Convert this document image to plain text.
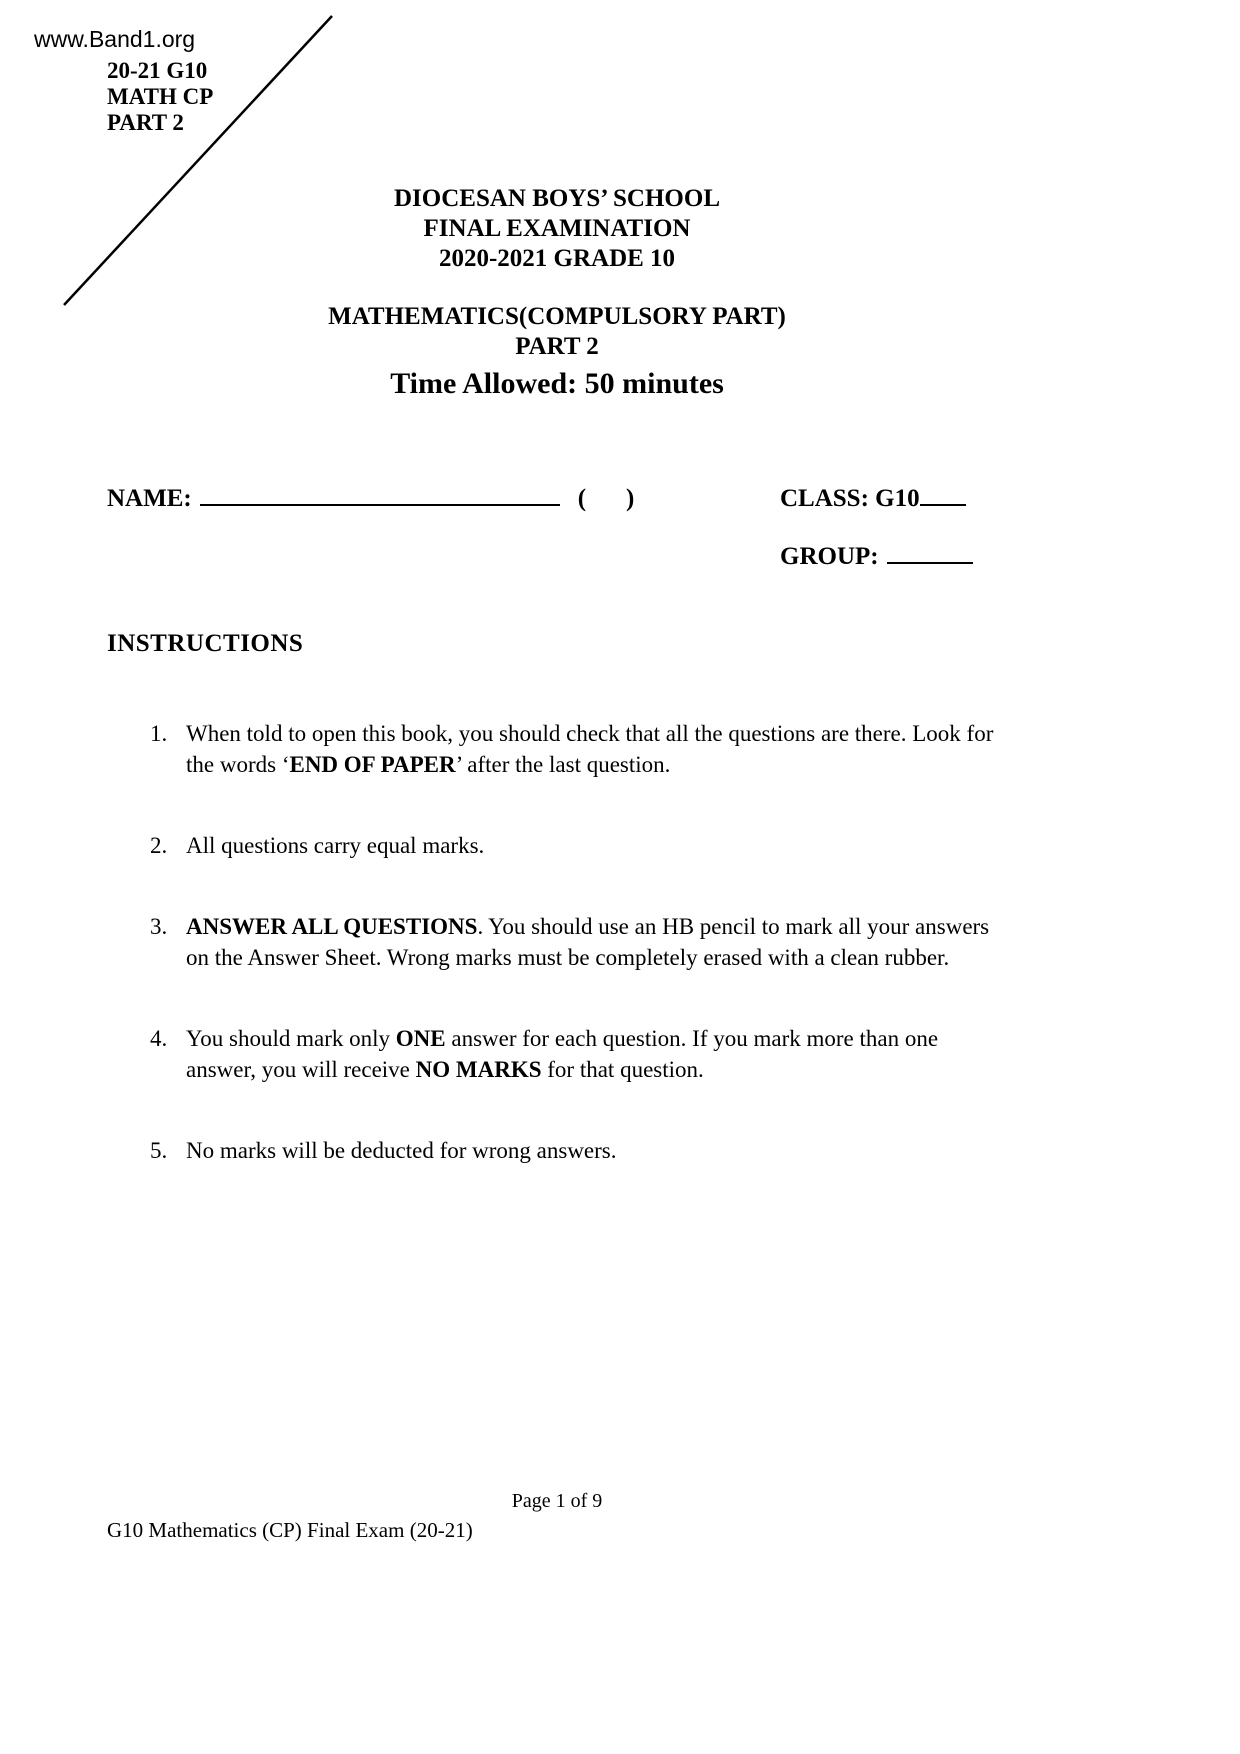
www.Band1.org
20-21 G10
MATH CP
PART 2
DIOCESAN BOYS’ SCHOOL
FINAL EXAMINATION
2020-2021 GRADE 10
MATHEMATICS(COMPULSORY PART)
PART 2
Time Allowed: 50 minutes
NAME:	( )	CLASS: G10
GROUP:
INSTRUCTIONS
1. When told to open this book, you should check that all the questions are there. Look for the words ‘END OF PAPER’ after the last question.
2. All questions carry equal marks.
3. ANSWER ALL QUESTIONS. You should use an HB pencil to mark all your answers on the Answer Sheet. Wrong marks must be completely erased with a clean rubber.
4. You should mark only ONE answer for each question. If you mark more than one answer, you will receive NO MARKS for that question.
5. No marks will be deducted for wrong answers.
Page 1 of 9
G10 Mathematics (CP) Final Exam (20-21)
